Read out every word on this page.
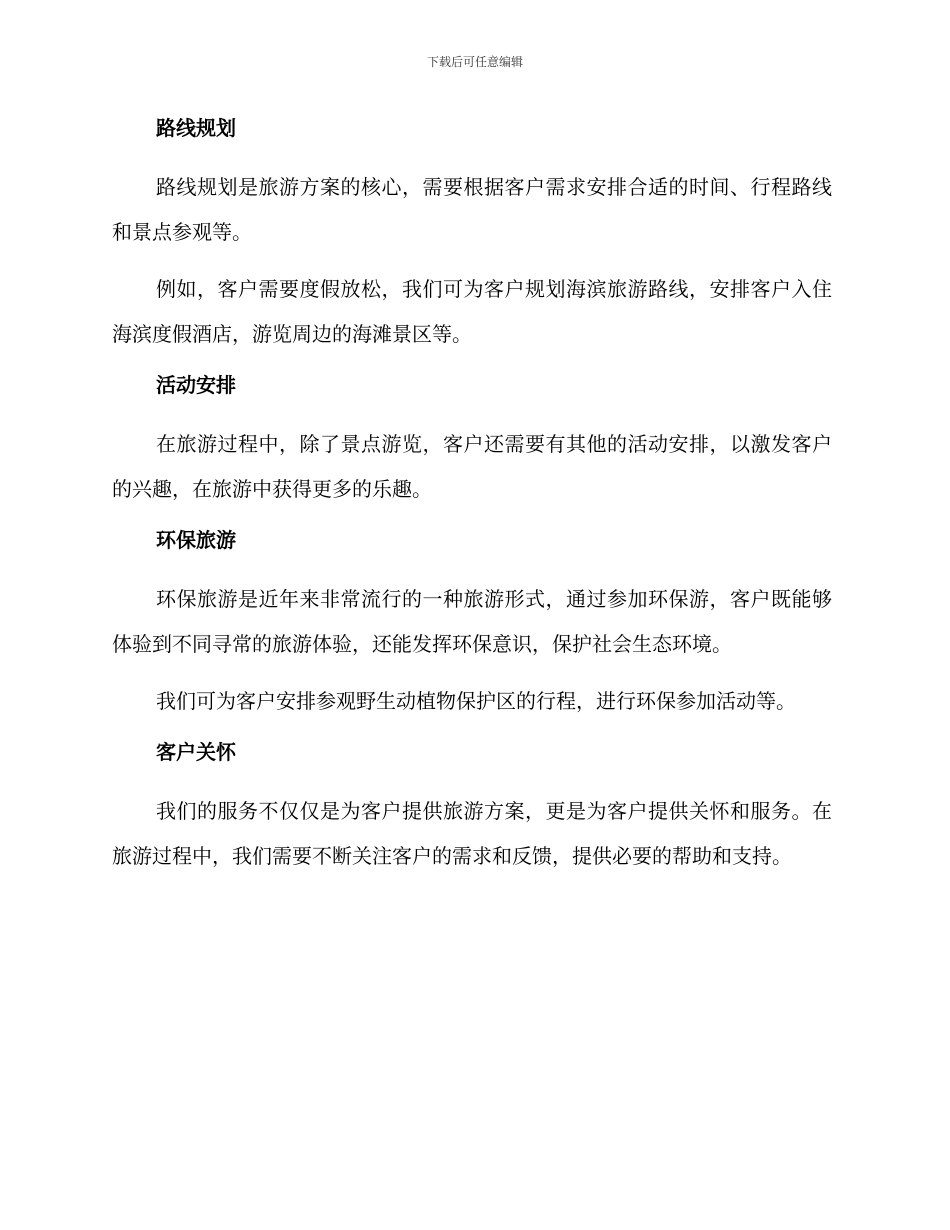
下载后可任意编辑
路线规划
路线规划是旅游方案的核心，需要根据客户需求安排合适的时间、行程路线和景点参观等。
例如，客户需要度假放松，我们可为客户规划海滨旅游路线，安排客户入住海滨度假酒店，游览周边的海滩景区等。
活动安排
在旅游过程中，除了景点游览，客户还需要有其他的活动安排，以激发客户的兴趣，在旅游中获得更多的乐趣。
环保旅游
环保旅游是近年来非常流行的一种旅游形式，通过参加环保游，客户既能够体验到不同寻常的旅游体验，还能发挥环保意识，保护社会生态环境。
我们可为客户安排参观野生动植物保护区的行程，进行环保参加活动等。
客户关怀
我们的服务不仅仅是为客户提供旅游方案，更是为客户提供关怀和服务。在旅游过程中，我们需要不断关注客户的需求和反馈，提供必要的帮助和支持。
